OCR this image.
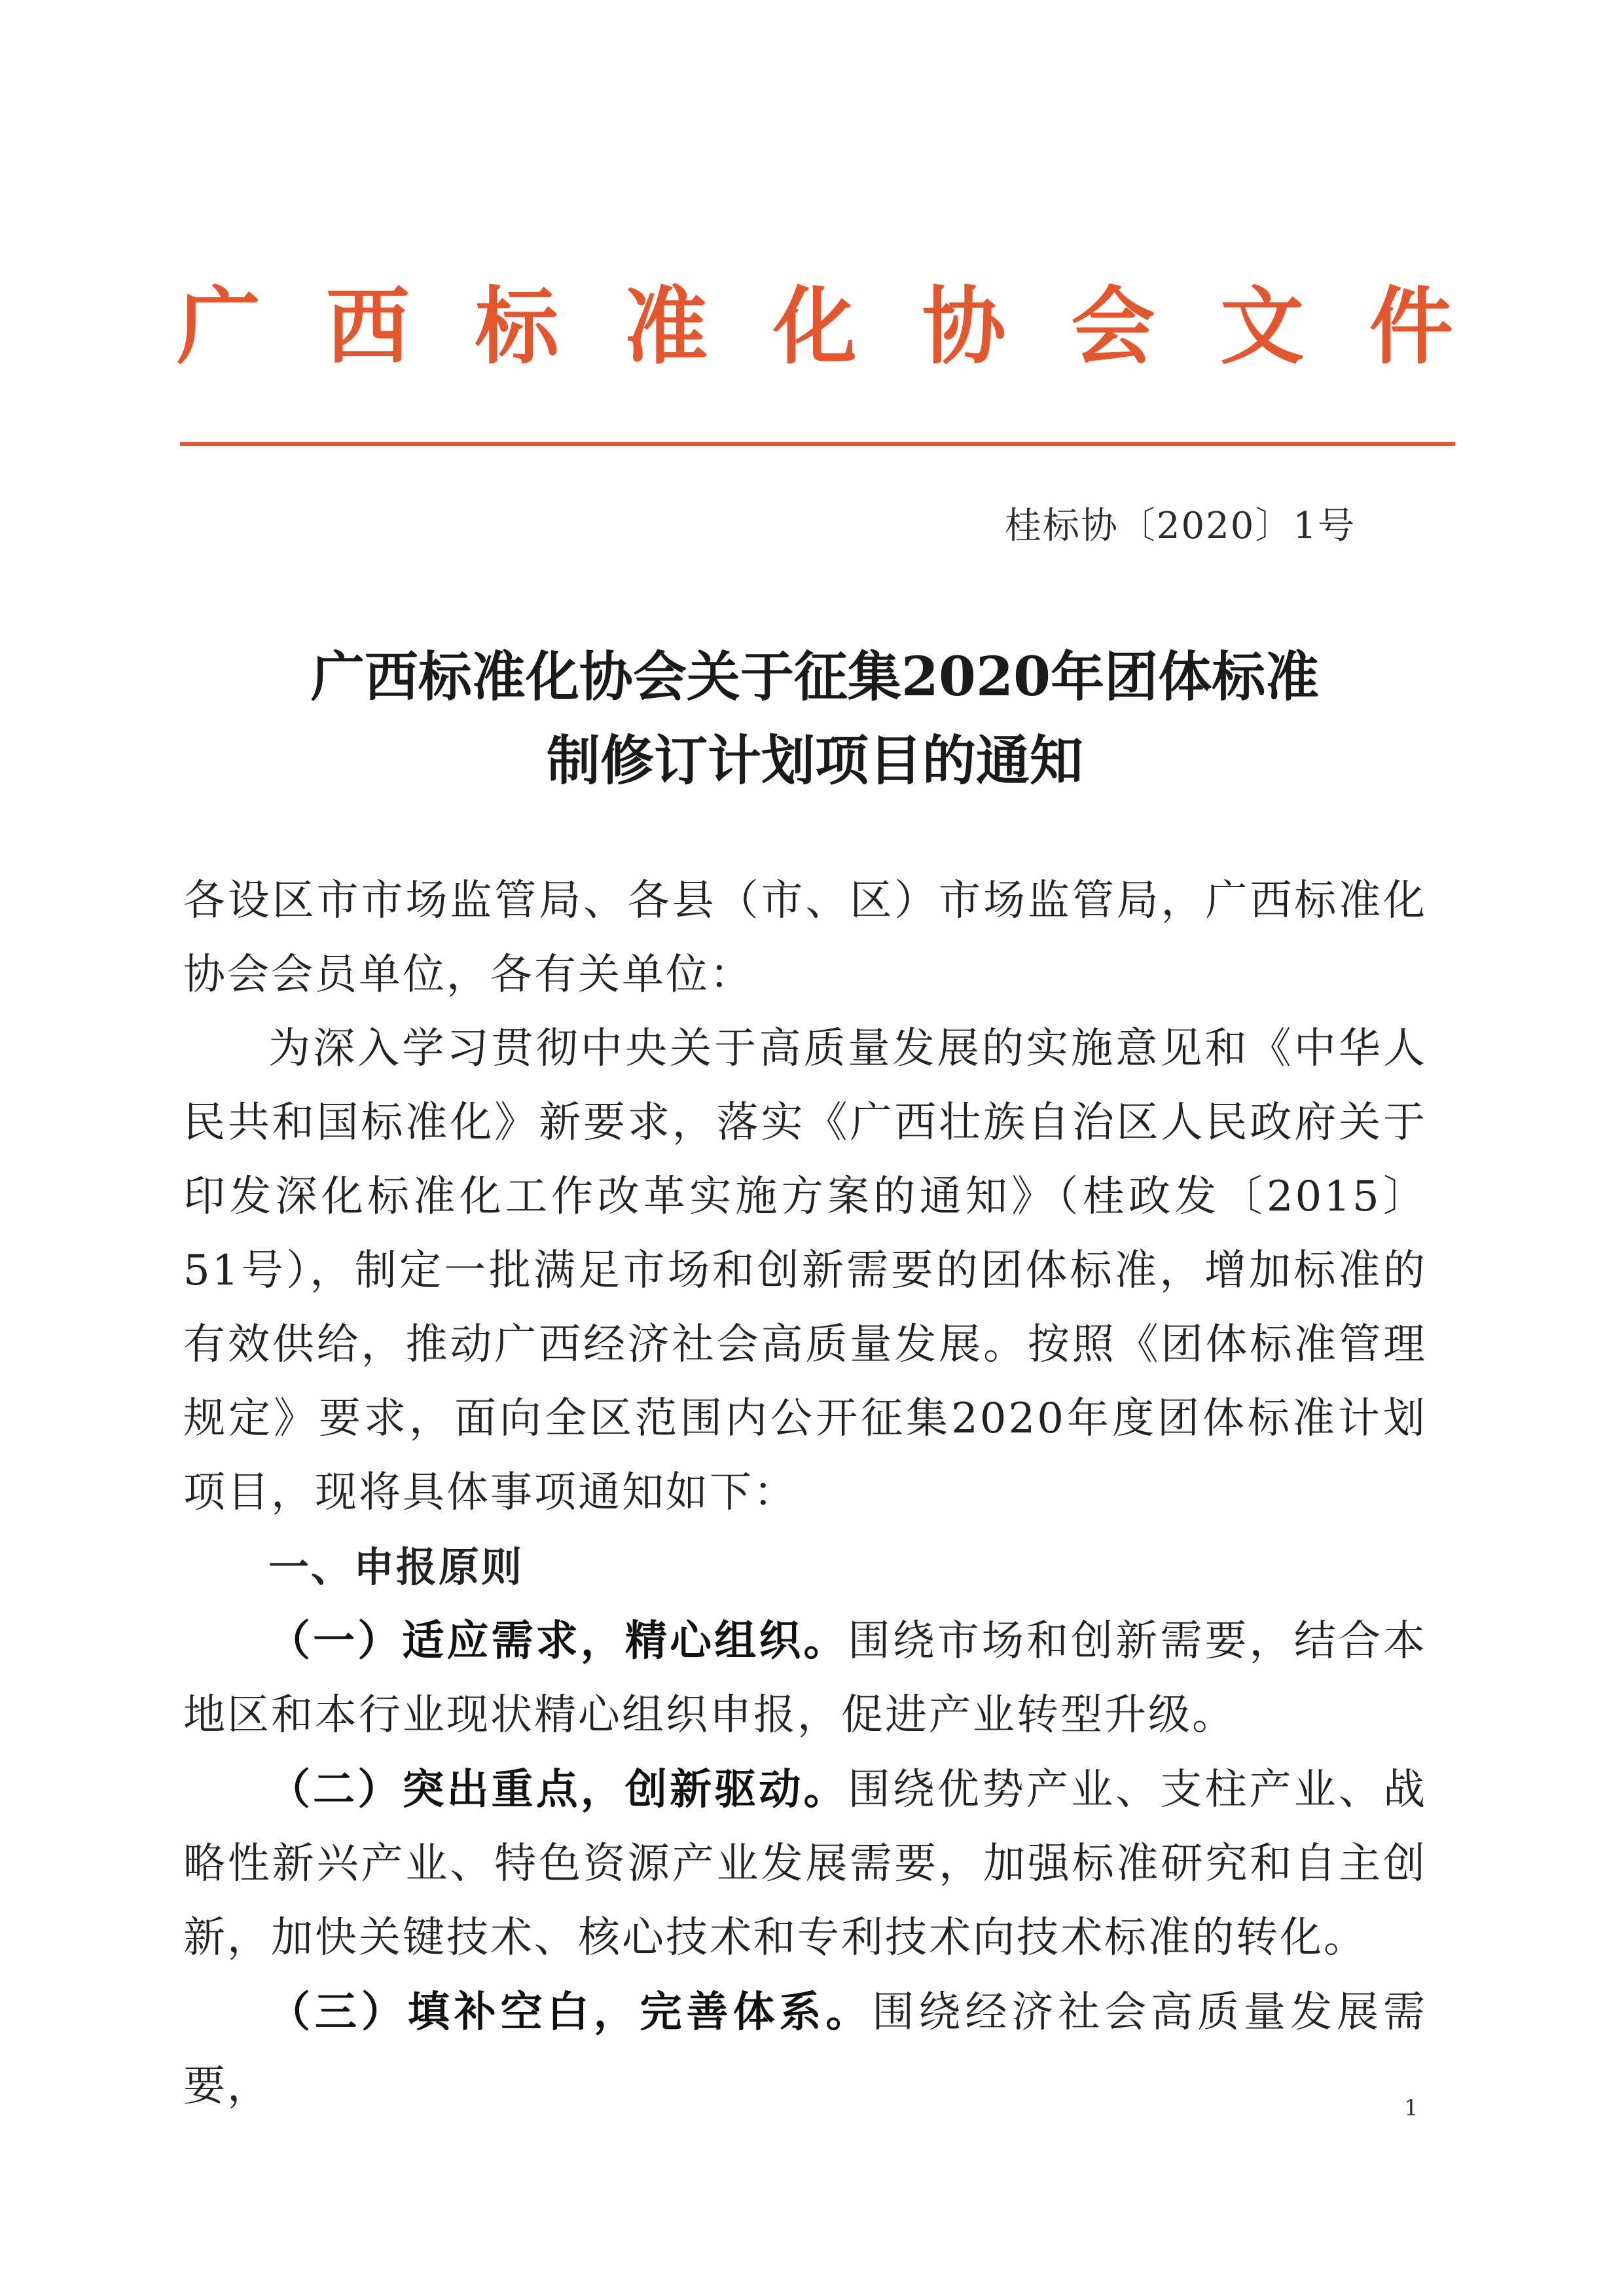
广 西 标 准 化 协 会 文 件
桂标协〔2020〕1号
广西标准化协会关于征集2020年团体标准
制修订计划项目的通知

各设区市市场监管局、各县（市、区）市场监管局，广西标准化协会会员单位，各有关单位：

为深入学习贯彻中央关于高质量发展的实施意见和《中华人民共和国标准化》新要求，落实《广西壮族自治区人民政府关于印发深化标准化工作改革实施方案的通知》（桂政发〔2015〕51号），制定一批满足市场和创新需要的团体标准，增加标准的有效供给，推动广西经济社会高质量发展。按照《团体标准管理规定》要求，面向全区范围内公开征集2020年度团体标准计划项目，现将具体事项通知如下：

一、申报原则

（一）适应需求，精心组织。围绕市场和创新需要，结合本地区和本行业现状精心组织申报，促进产业转型升级。

（二）突出重点，创新驱动。围绕优势产业、支柱产业、战略性新兴产业、特色资源产业发展需要，加强标准研究和自主创新，加快关键技术、核心技术和专利技术向技术标准的转化。

（三）填补空白，完善体系。围绕经济社会高质量发展需要，	1
